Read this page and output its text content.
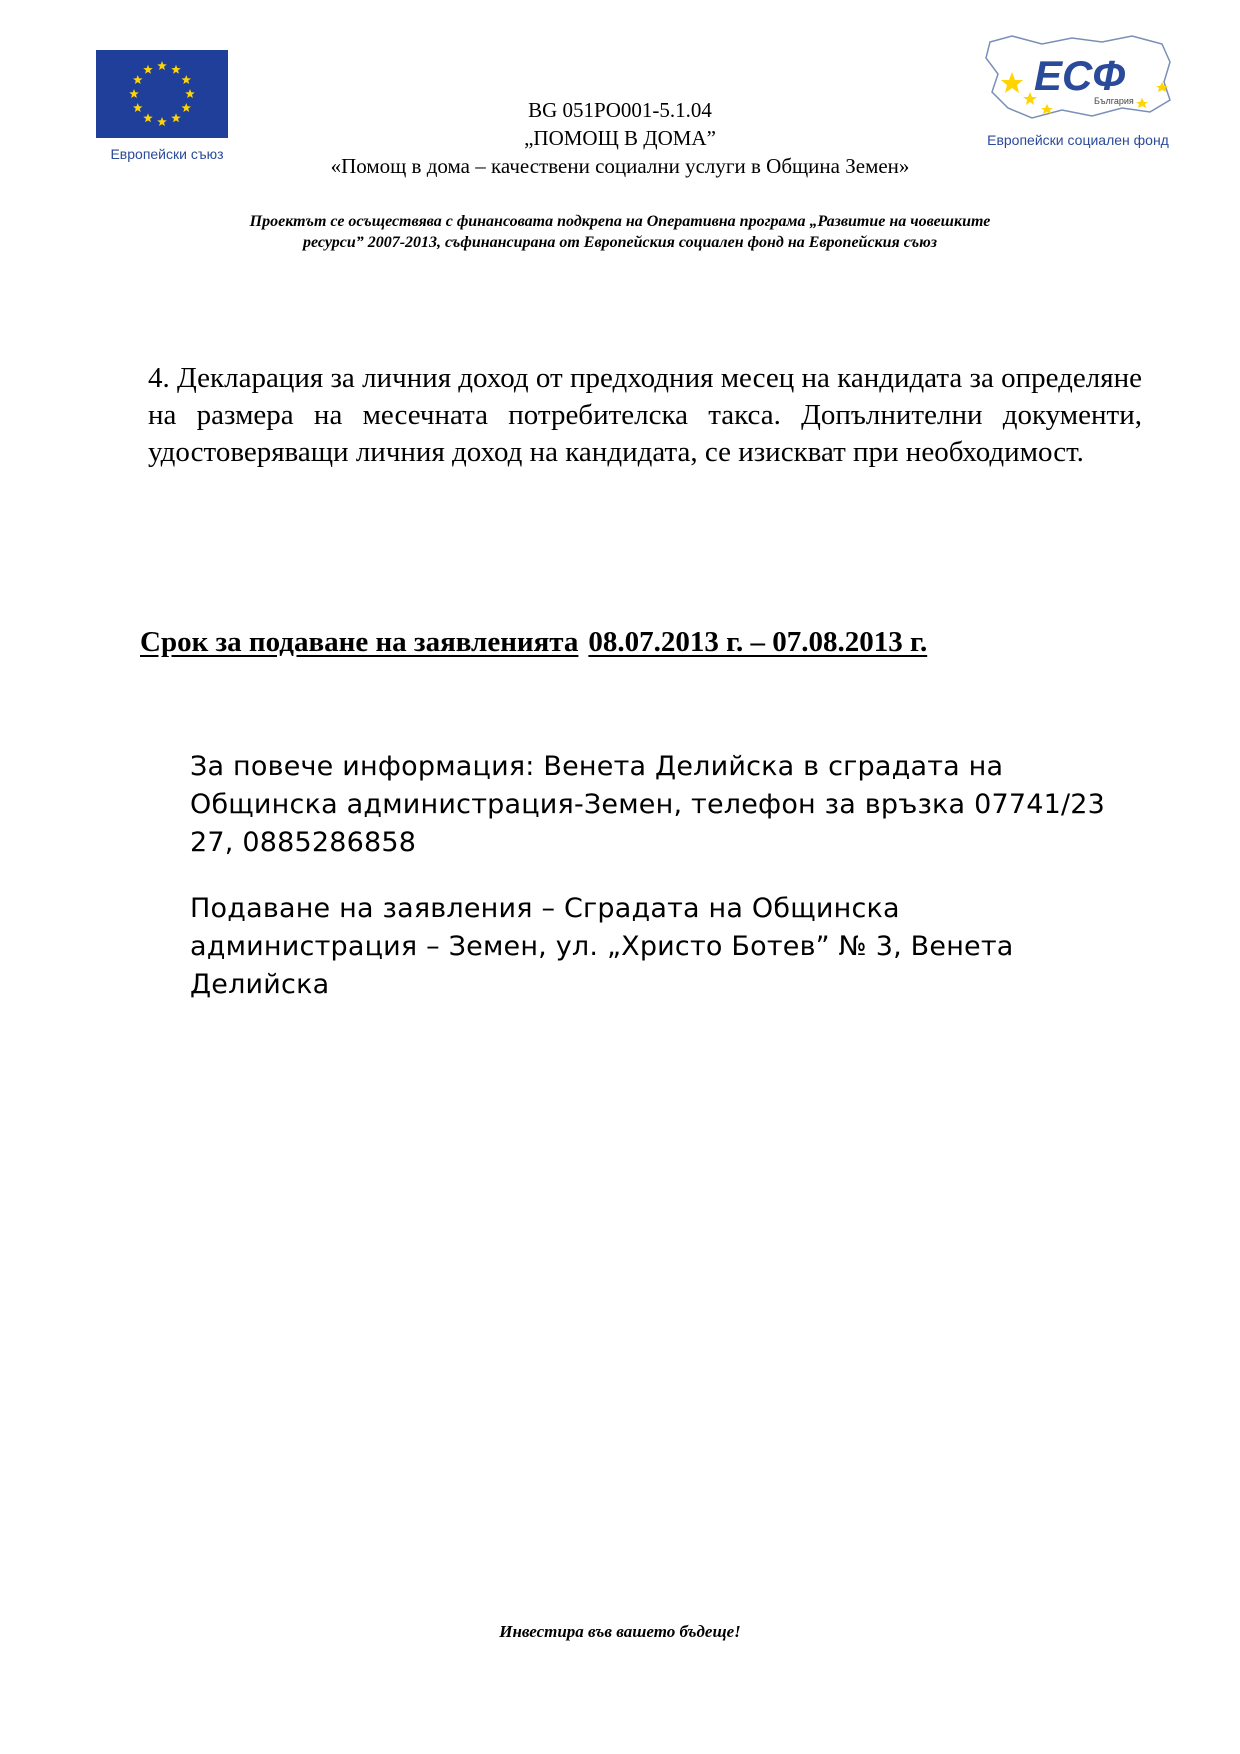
Европейски съюз
BG 051PO001-5.1.04
„ПОМОЩ В ДОМА”
«Помощ в дома – качествени социални услуги в Община Земен»
ЕСФ
България
Европейски социален фонд
Проектът се осъществява с финансовата подкрепа на Оперативна програма „Развитие на човешките
ресурси” 2007-2013, съфинансирана от Европейския социален фонд на Европейския съюз
4. Декларация за личния доход от предходния месец на кандидата за определяне на размера на месечната потребителска такса. Допълнителни документи, удостоверяващи личния доход на кандидата, се изискват при необходимост.
Срок за подаване на заявленията 08.07.2013 г. – 07.08.2013 г.

За повече информация: Венета Делийска в сградата на Общинска администрация-Земен, телефон за връзка 07741/23 27, 0885286858

Подаване на заявления – Сградата на Общинска администрация – Земен, ул. „Христо Ботев” № 3, Венета Делийска

Инвестира във вашето бъдеще!
